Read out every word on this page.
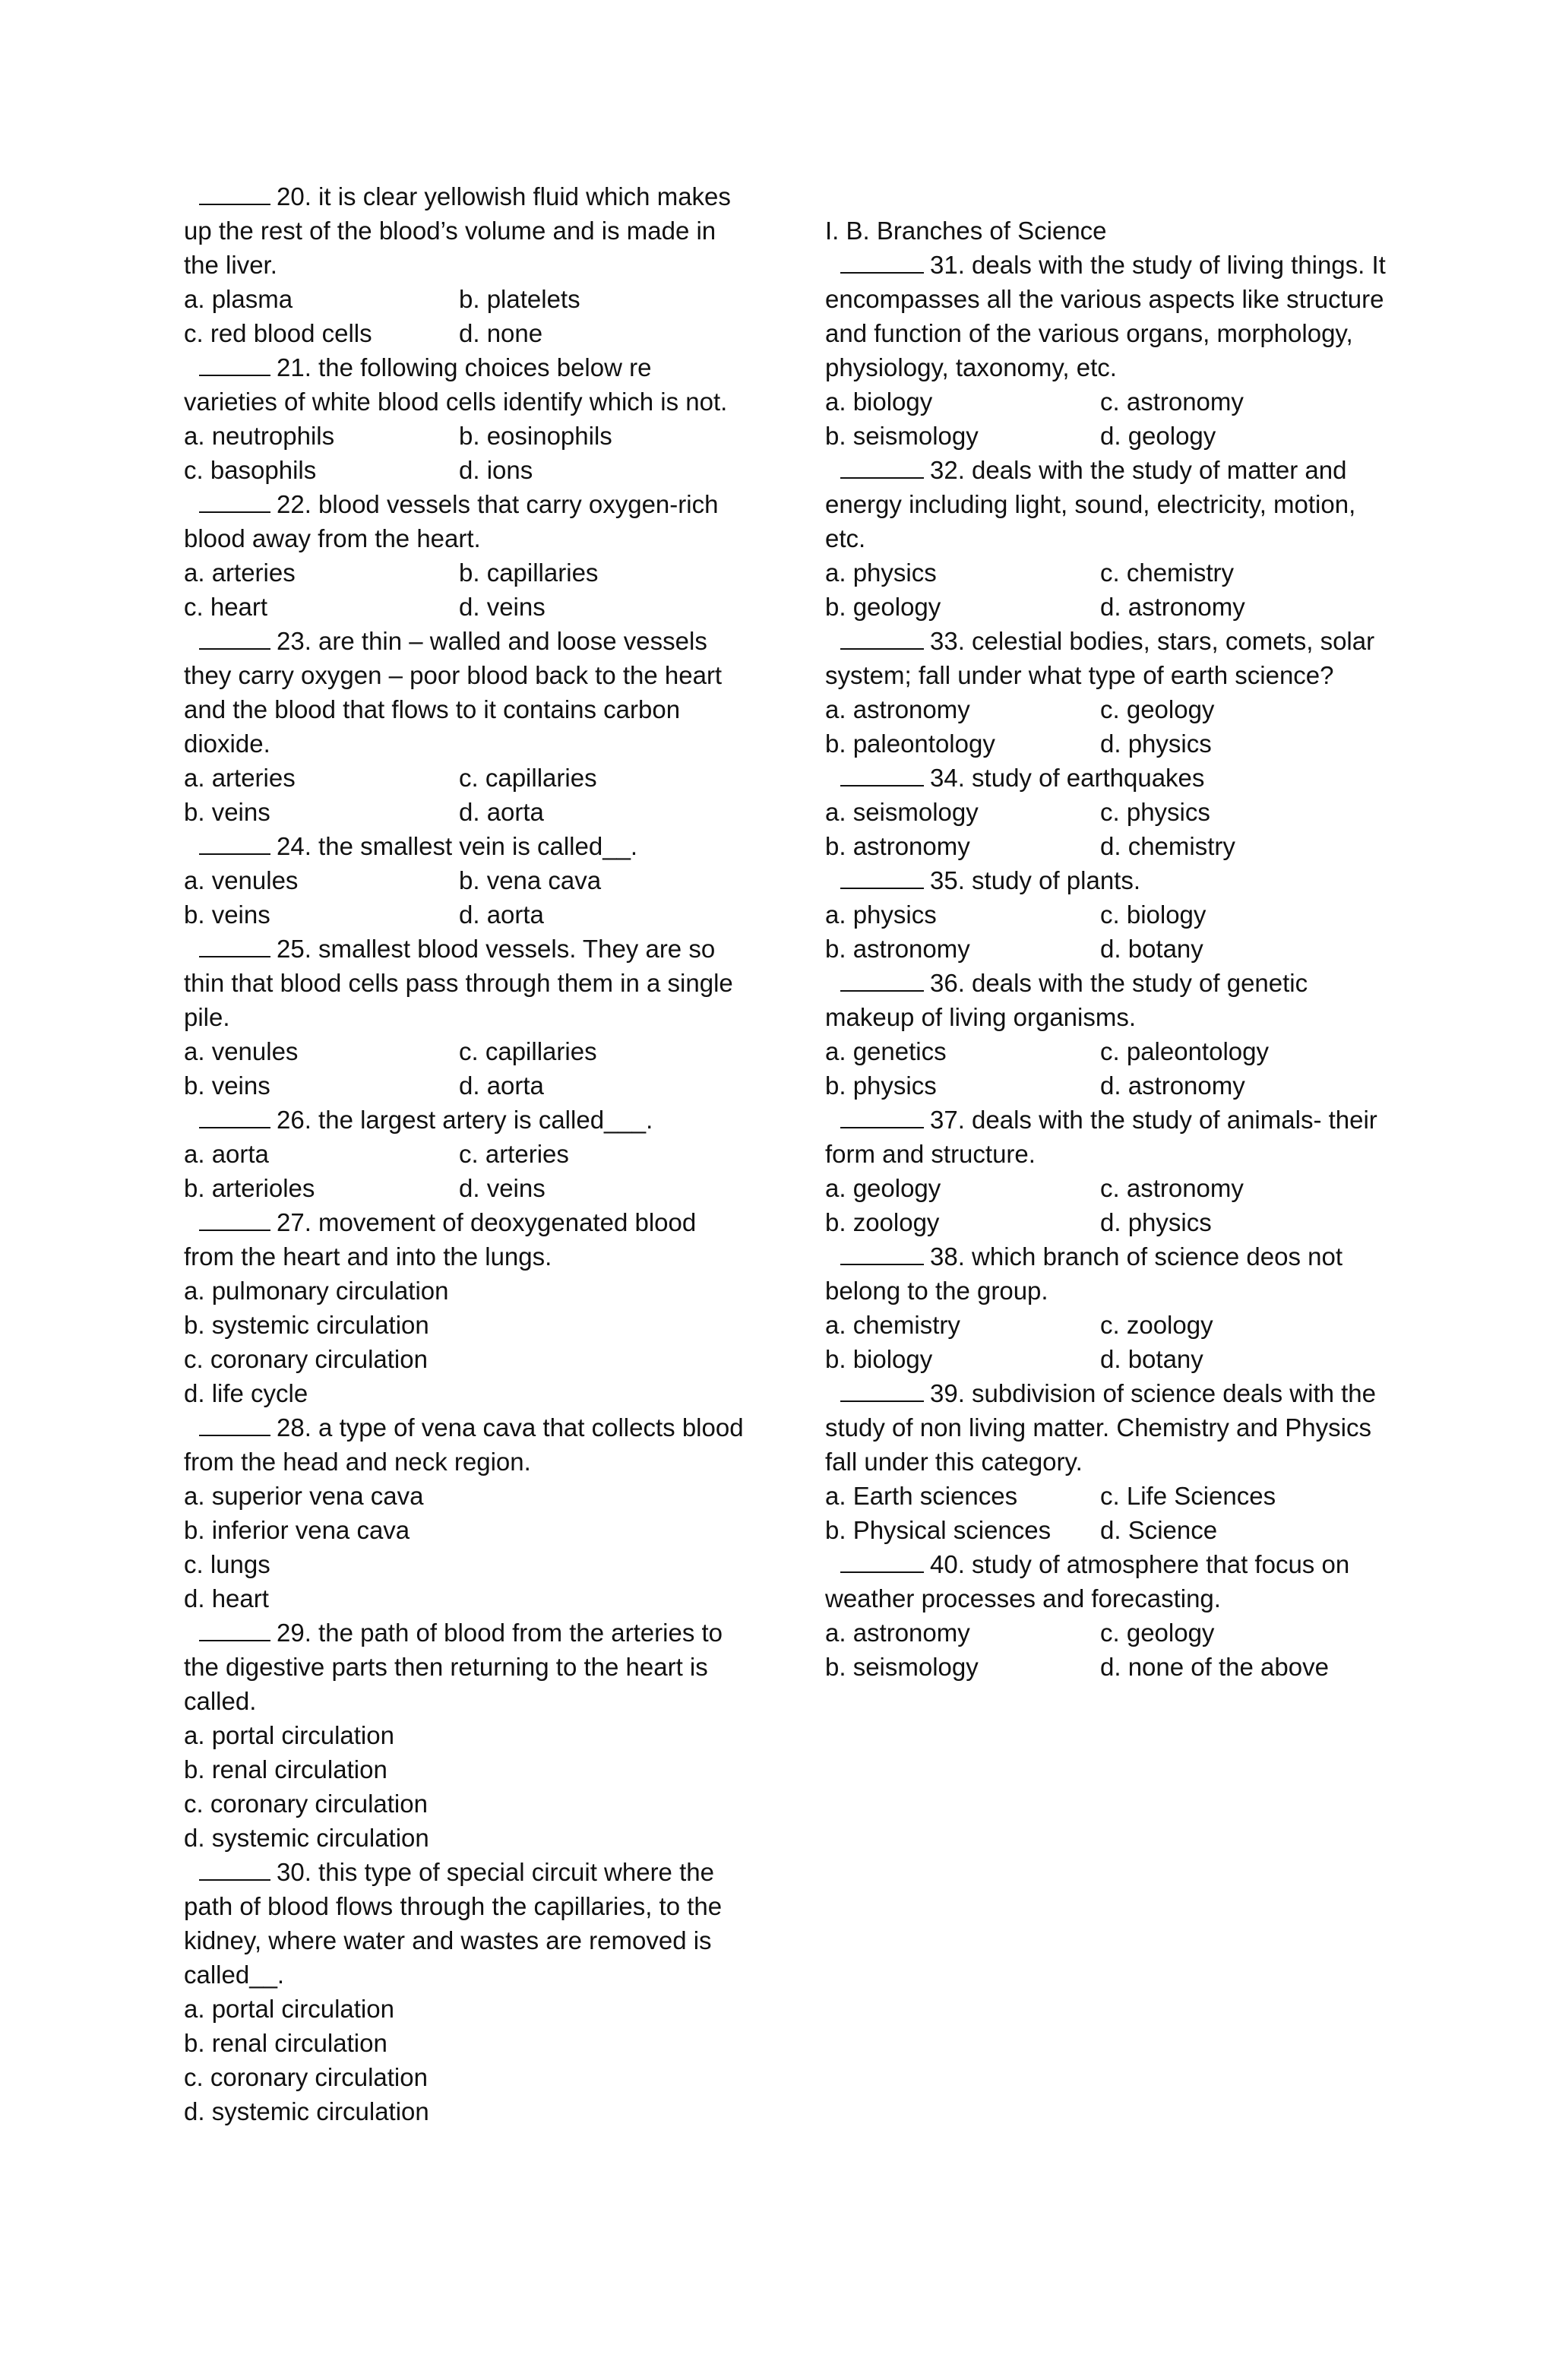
20. it is clear yellowish fluid which makes up the rest of the blood’s volume and is made in the liver.
a. plasma	b. platelets
c. red blood cells	d. none
21. the following choices below re varieties of white blood cells identify which is not.
a. neutrophils	b. eosinophils
c. basophils	d. ions
22. blood vessels that carry oxygen-rich blood away from the heart.
a. arteries	b. capillaries
c. heart	d. veins
23. are thin – walled and loose vessels they carry oxygen – poor blood back to the heart and the blood that flows to it contains carbon dioxide.
a. arteries	c. capillaries
b. veins	d. aorta
24. the smallest vein is called__.
a. venules	b. vena cava
b. veins	d. aorta
25. smallest blood vessels. They are so thin that blood cells pass through them in a single pile.
a. venules	c. capillaries
b. veins	d. aorta
26. the largest artery is called___.
a. aorta	c. arteries
b. arterioles	d. veins
27. movement of deoxygenated blood from the heart and into the lungs.
a. pulmonary circulation
b. systemic circulation
c. coronary circulation
d. life cycle
28. a type of vena cava that collects blood from the head and neck region.
a. superior vena cava
b. inferior vena cava
c. lungs
d. heart
29. the path of blood from the arteries to the digestive parts then returning to the heart is called.
a. portal circulation
b. renal circulation
c. coronary circulation
d. systemic circulation
30. this type of special circuit where the path of blood flows through the capillaries, to the kidney, where water and wastes are removed is called__.
a. portal circulation
b. renal circulation
c. coronary circulation
d. systemic circulation
I. B. Branches of Science
31. deals with the study of living things. It encompasses all the various aspects like structure and function of the various organs, morphology, physiology, taxonomy, etc.
a. biology	c. astronomy
b. seismology	d. geology
32. deals with the study of matter and energy including light, sound, electricity, motion, etc.
a. physics	c. chemistry
b. geology	d. astronomy
33. celestial bodies, stars, comets, solar system; fall under what type of earth science?
a. astronomy	c. geology
b. paleontology	d. physics
34. study of earthquakes
a. seismology	c. physics
b. astronomy	d. chemistry
35. study of plants.
a. physics	c. biology
b. astronomy	d. botany
36. deals with the study of genetic makeup of living organisms.
a. genetics	c. paleontology
b. physics	d. astronomy
37. deals with the study of animals- their form and structure.
a. geology	c. astronomy
b. zoology	d. physics
38. which branch of science deos not belong to the group.
a. chemistry	c. zoology
b. biology	d. botany
39. subdivision of science deals with the study of non living matter. Chemistry and Physics fall under this category.
a. Earth sciences	c. Life Sciences
b. Physical sciences	d. Science
40. study of atmosphere that focus on weather processes and forecasting.
a. astronomy	c. geology
b. seismology	d. none of the above
